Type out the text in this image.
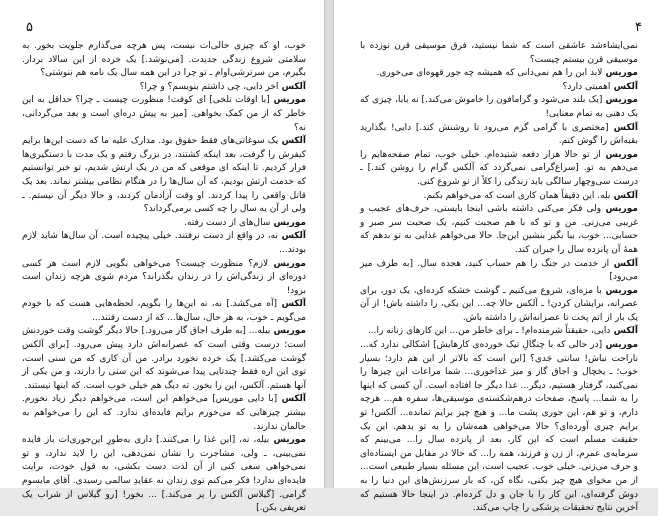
۵

خوب، او که چیزی حالی‌ات نیست، پس هرچه می‌گذارم جلویت بخور. به سلامتی شروع زندگی جدیدت. [می‌نوشد.] یک خرده از این سالاد بردار. بگیرم، من سرترشی‌اوام ـ تو چرا در این همه سال یک نامه هم ننوشتی؟

آلکساخر دایی، چی داشتم بنویسم؟ و چرا؟

موریس[با اوقات تلخی] ای کوفت! منظورت چیست ـ چرا؟ حداقل به این خاطر که از من کمک بخواهی. [میز به پیش دره‌ای است و بعد می‌گردانی، نه؟

آلکسیک سوغاتی‌های فقط حقوق بود. مدارک علیه ما که دست این‌ها برایم کیفرش را گرفت، بعد اینکه کشتند، در بزرگ رفتم و یک مدت با دستگیری‌ها فرار کردیم. تا اینکه ای موقعی که من در یک ارتش شدیم، تو خبر توانستیم که خدمت ارتش بودیم، که آن سال‌ها را در هنگام نظامی بیشتر نماند. بعد یک قاتل واقعی را پیدا کردند. او وقت آزادمان کردند، و حالا دیگر آن نیستم. ـ ولی از آن یه سال را چه کسی برمی‌گرداند؟

موریسسال‌های از دست رفته.

آلکسنه، در واقع از دست نرفتند. خیلی پیچیده است. آن سال‌ها شاید لازم بودند...

موریسلازم؟ منظورت چیست؟ می‌خواهی بگویی لازم است هر کسی دوره‌ای از زندگی‌اش را در زندان بگذراند؟ مردم شوی هرچه زندان است برود!

آلکس[آه می‌کشد.] نه، نه این‌ها را بگویم، لحظه‌هایی هست که با خودم می‌گویم ـ خوب، به هر حال، سال‌ها... که از دست رفتند...

موریسبیله... [به طرف اجاق گاز می‌رود.] حالا دیگر گوشت وقت خوردنش است؛ درست وقتی است که عصرانه‌اش دارد پیش می‌رود. [برای آلکس گوشت می‌کشد.] یک خرده نخورد برادر. من آن کاری که من سنی است، توی این اره فقط چندتایی پیدا می‌شوند که این سنی را دارند، و من یکی از آنها هستم. آلکس، این را بخور. ته دیگ هم خیلی خوب است. که اینها نیستند.

آلکس[با دایی موریس] می‌خواهم این است، می‌خواهم دیگر زیاد نخورم. بیشتر چیزهایی که می‌خورم برایم فایده‌ای ندارد. که این را می‌خواهم به حالمان ندارند.

موریسبیله، نه، [این غذا را می‌کنند.] داری به‌طورِ این‌جوری‌ات باز فایده نمی‌بینی، ـ ولی، مشاجرت را نشان نمی‌دهی، این را لاید ندارد، و تو نمی‌خواهی سعی کنی از آن لذت دست بکشی، به قول خودت، برایت فایده‌ای ندارد! فکر می‌کنم توی زندان نه عقایدِ سالمی رسیدی. آقای مایسوم گرامی. [گیلاس آلکس را پر می‌کند.] ... بخور! [رو گیلاس از شراب یک تعریفی بکن.]

۴

نمی‌ایشاء‌شد عاشقی است که شما نیستید، فرق موسیقی قرن نوزده با موسیقی قرن بیستم چیست؟

موریسلابد این را هم نمی‌دانی که همیشه چه جور قهوه‌ای می‌خوری.

آلکساهمیتی دارد؟

موریس[یک بلند می‌شود و گرامافون را خاموش می‌کند.] نه بابا، چیزی که بک دهنی به تمام معنایی!

آلکس[مختصری با گرامی گرم می‌رود تا روشنش کند.] دایی! بگذارید بقیه‌اش را گوش کنم.

موریساز تو حالا هزار دفعه شنیده‌ام. خیلی خوب، تمام صفحه‌هایم را می‌دهم به تو. [سراغ‌گرامی نمی‌گردد که آلکس گرام را روشن کند.] ـ درست سی‌وچهار سالگی باید زندگی را کلاً از نو شروع کنی.

آلکسبله. این دقیقاً همان کاری است که می‌خواهم بکنم.

موریسولی فکر می‌کنی داشته باشی اینجا بایستی، حرف‌های عجیب و غریبی می‌زنی. من و تو که با هم صحبت کنیم، یک صحبت سر صبر و حسابی... خوب، بیا بگیر بنشین این‌جا. حالا می‌خواهم غذایی به تو بدهم که همهٔ آن پانزده سال را جبران کند.

آلکساز خدمت در جنگ را هم حساب کنید، هجده سال. [به طرف میز می‌رود]

موریسبا مزه‌ای، شروع می‌کنیم ـ گوشت خشکه کرده‌ای، یک دور، برای عصرانه، برایشان کردن! ـ آلکس حالا چه... این یکی، را داشته باش! از آن یک بار از اتم پخت تا عصرانه‌اش را داشته باش.

آلکسدایی، حقیقتاً شرمنده‌ام! ـ برای خاطر من... این کارهای زنانه را...

موریس[در حالی که با چنگالِ تیک خورده‌ی کار‌هایش] اشکالی ندارد که... ناراحت نباش! سانتی جَدی؟ [این است که بالاتر از این هم دارد؛ بسیار خوب؛ ـ یخچال و اجاق گاز و میز غذاخوری... شما مراعات این چیزها را نمی‌کنید، گرفتار هستیم، دیگر... غذا دیگر جا افتاده است. آن کسی که اینها را به شما... پاسخ، صفحات درهم‌شکسته‌ی موسیقی‌ها، سفره هم... هرچه دارم، و تو هم، این جوری پشت ما... و هیچ چیز برایم نمانده... آلکس! تو برایم چیزی آورده‌ای؟ حالا می‌خواهی همه‌شان را به تو بدهم. این یک حقیقت مسلم است که این کار، بعد از پانزده سال را... می‌بینم که سرمایه‌ی عمرم، از زن و فرزند، همه را... که حالا در مقابل من ایستاده‌ای و حرف می‌زنی. خیلی خوب. عجیب است، این مسئله بسیار طبیعی است... از من مخوای هیچ چیز بکنی، نگاه کن، که بار سرزنش‌های این دنیا را به دوش گرفته‌ای، این کار را با جان و دل کرده‌ام. در اینجا حالا هستیم که آخرین نتایج تحقیقات پزشکی را چاپ می‌کند.
